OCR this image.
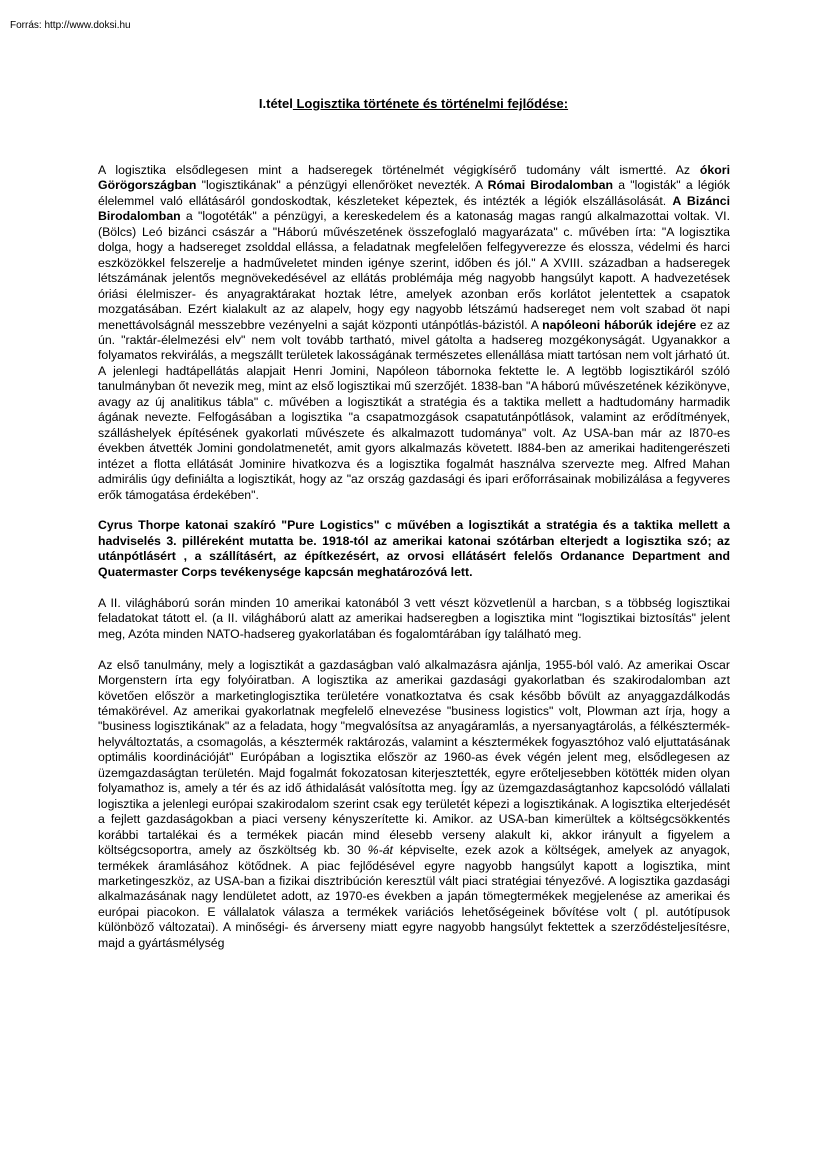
Forrás: http://www.doksi.hu
I.tétel Logisztika története és történelmi fejlődése:

A logisztika elsődlegesen mint a hadseregek történelmét végigkísérő tudomány vált ismertté. Az ókori Görögországban "logisztikának" a pénzügyi ellenőröket nevezték. A Római Birodalomban a "logisták" a légiók élelemmel való ellátásáról gondoskodtak, készleteket képeztek, és intézték a légiók elszállásolását. A Bizánci Birodalomban a "logotéták" a pénzügyi, a kereskedelem és a katonaság magas rangú alkalmazottai voltak. VI. (Bölcs) Leó bizánci császár a "Háború művészetének összefoglaló magyarázata" c. művében írta: "A logisztika dolga, hogy a hadsereget zsolddal ellássa, a feladatnak megfelelően felfegyverezze és elossza, védelmi és harci eszközökkel felszerelje a hadműveletet minden igénye szerint, időben és jól." A XVIII. században a hadseregek létszámának jelentős megnövekedésével az ellátás problémája még nagyobb hangsúlyt kapott. A hadvezetések óriási élelmiszer- és anyagraktárakat hoztak létre, amelyek azonban erős korlátot jelentettek a csapatok mozgatásában. Ezért kialakult az az alapelv, hogy egy nagyobb létszámú hadsereget nem volt szabad öt napi menettávolságnál messzebbre vezényelni a saját központi utánpótlás-bázistól. A napóleoni háborúk idejére ez az ún. "raktár-élelmezési elv" nem volt tovább tartható, mivel gátolta a hadsereg mozgékonyságát. Ugyanakkor a folyamatos rekvirálás, a megszállt területek lakosságának természetes ellenállása miatt tartósan nem volt járható út. A jelenlegi hadtápellátás alapjait Henri Jomini, Napóleon tábornoka fektette le. A legtöbb logisztikáról szóló tanulmányban őt nevezik meg, mint az első logisztikai mű szerzőjét. 1838-ban "A háború művészetének kézikönyve, avagy az új analitikus tábla" c. művében a logisztikát a stratégia és a taktika mellett a hadtudomány harmadik ágának nevezte. Felfogásában a logisztika "a csapatmozgások csapatutánpótlások, valamint az erődítmények, szálláshelyek építésének gyakorlati művészete és alkalmazott tudománya" volt. Az USA-ban már az I870-es években átvették Jomini gondolatmenetét, amit gyors alkalmazás követett. I884-ben az amerikai haditengerészeti intézet a flotta ellátását Jominire hivatkozva és a logisztika fogalmát használva szervezte meg. Alfred Mahan admirális úgy definiálta a logisztikát, hogy az "az ország gazdasági és ipari erőforrásainak mobilizálása a fegyveres erők támogatása érdekében".

Cyrus Thorpe katonai szakíró "Pure Logistics" c művében a logisztikát a stratégia és a taktika mellett a hadviselés 3. pilléreként mutatta be. 1918-tól az amerikai katonai szótárban elterjedt a logisztika szó; az utánpótlásért , a szállításért, az építkezésért, az orvosi ellátásért felelős Ordanance Department and Quatermaster Corps tevékenysége kapcsán meghatározóvá lett.

A II. világháború során minden 10 amerikai katonából 3 vett vészt közvetlenül a harcban, s a többség logisztikai feladatokat tátott el. (a II. világháború alatt az amerikai hadseregben a logisztika mint "logisztikai biztosítás" jelent meg, Azóta minden NATO-hadsereg gyakorlatában és fogalomtárában így található meg.

Az első tanulmány, mely a logisztikát a gazdaságban való alkalmazásra ajánlja, 1955-ból való. Az amerikai Oscar Morgenstern írta egy folyóiratban. A logisztika az amerikai gazdasági gyakorlatban és szakirodalomban azt követően először a marketinglogisztika területére vonatkoztatva és csak később bővült az anyaggazdálkodás témakörével. Az amerikai gyakorlatnak megfelelő elnevezése "business logistics" volt, Plowman azt írja, hogy a "business logisztikának" az a feladata, hogy "megvalósítsa az anyagáramlás, a nyersanyagtárolás, a félkésztermék-helyváltoztatás, a csomagolás, a késztermék raktározás, valamint a késztermékek fogyasztóhoz való eljuttatásának optimális koordinációját" Európában a logisztika először az 1960-as évek végén jelent meg, elsődlegesen az üzemgazdaságtan területén. Majd fogalmát fokozatosan kiterjesztették, egyre erőteljesebben kötötték miden olyan folyamathoz is, amely a tér és az idő áthidalását valósította meg. Így az üzemgazdaságtanhoz kapcsolódó vállalati logisztika a jelenlegi európai szakirodalom szerint csak egy területét képezi a logisztikának. A logisztika elterjedését a fejlett gazdaságokban a piaci verseny kényszerítette ki. Amikor. az USA-ban kimerültek a költségcsökkentés korábbi tartalékai és a termékek piacán mind élesebb verseny alakult ki, akkor irányult a figyelem a költségcsoportra, amely az őszköltség kb. 30 %-át képviselte, ezek azok a költségek, amelyek az anyagok, termékek áramlásához kötődnek. A piac fejlődésével egyre nagyobb hangsúlyt kapott a logisztika, mint marketingeszköz, az USA-ban a fizikai disztribúción keresztül vált piaci stratégiai tényezővé. A logisztika gazdasági alkalmazásának nagy lendületet adott, az 1970-es években a japán tömegtermékek megjelenése az amerikai és európai piacokon. E vállalatok válasza a termékek variációs lehetőségeinek bővítése volt ( pl. autótípusok különböző változatai). A minőségi- és árverseny miatt egyre nagyobb hangsúlyt fektettek a szerződésteljesítésre, majd a gyártásmélység
